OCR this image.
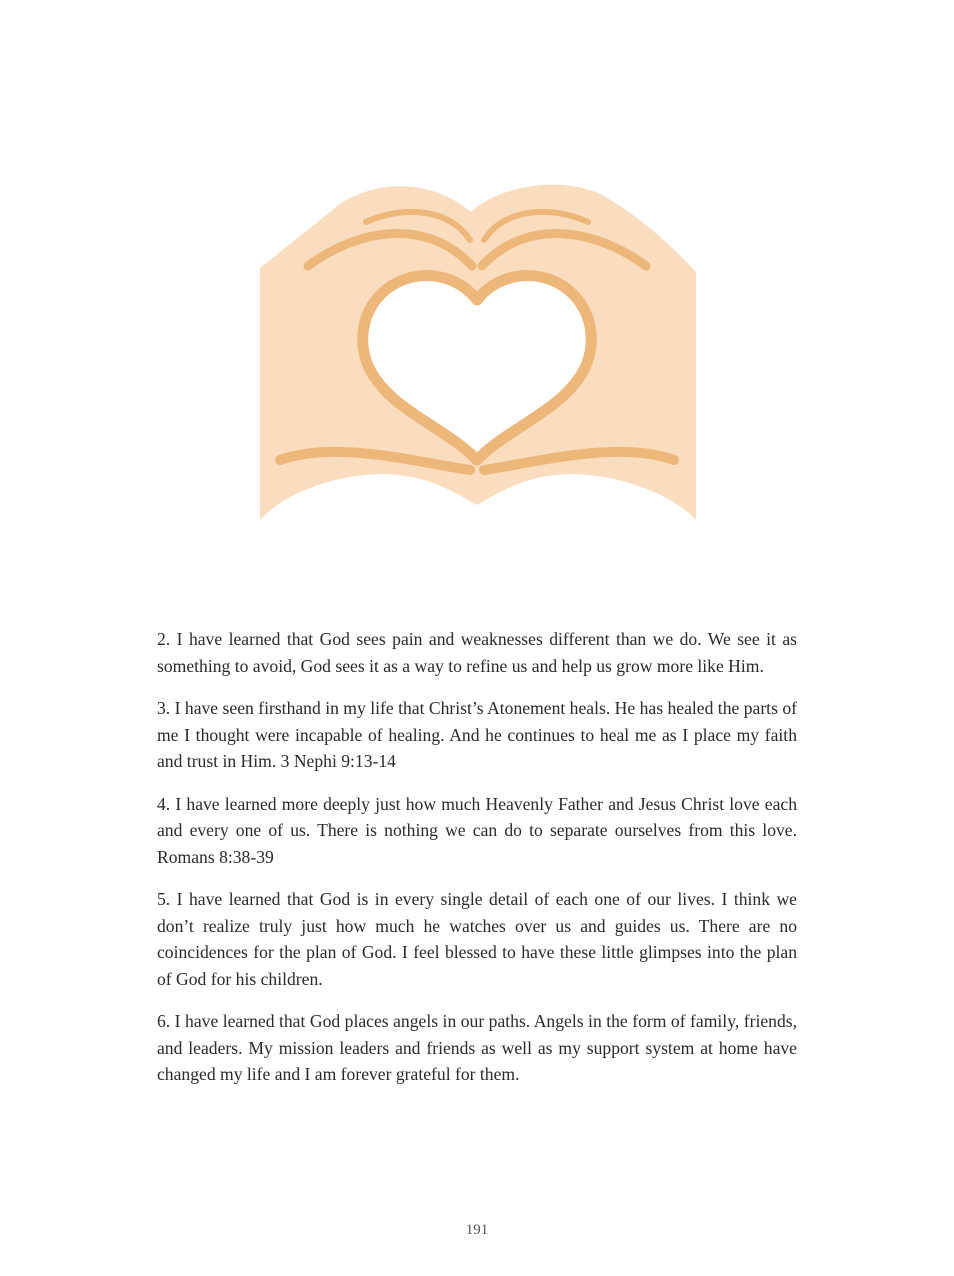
2. I have learned that God sees pain and weaknesses different than we do. We see it as something to avoid, God sees it as a way to refine us and help us grow more like Him.

3. I have seen firsthand in my life that Christ’s Atonement heals. He has healed the parts of me I thought were incapable of healing. And he continues to heal me as I place my faith and trust in Him. 3 Nephi 9:13-14

4. I have learned more deeply just how much Heavenly Father and Jesus Christ love each and every one of us. There is nothing we can do to separate ourselves from this love. Romans 8:38-39

5. I have learned that God is in every single detail of each one of our lives. I think we don’t realize truly just how much he watches over us and guides us. There are no coincidences for the plan of God. I feel blessed to have these little glimpses into the plan of God for his children.

6. I have learned that God places angels in our paths. Angels in the form of family, friends, and leaders. My mission leaders and friends as well as my support system at home have changed my life and I am forever grateful for them.

191
